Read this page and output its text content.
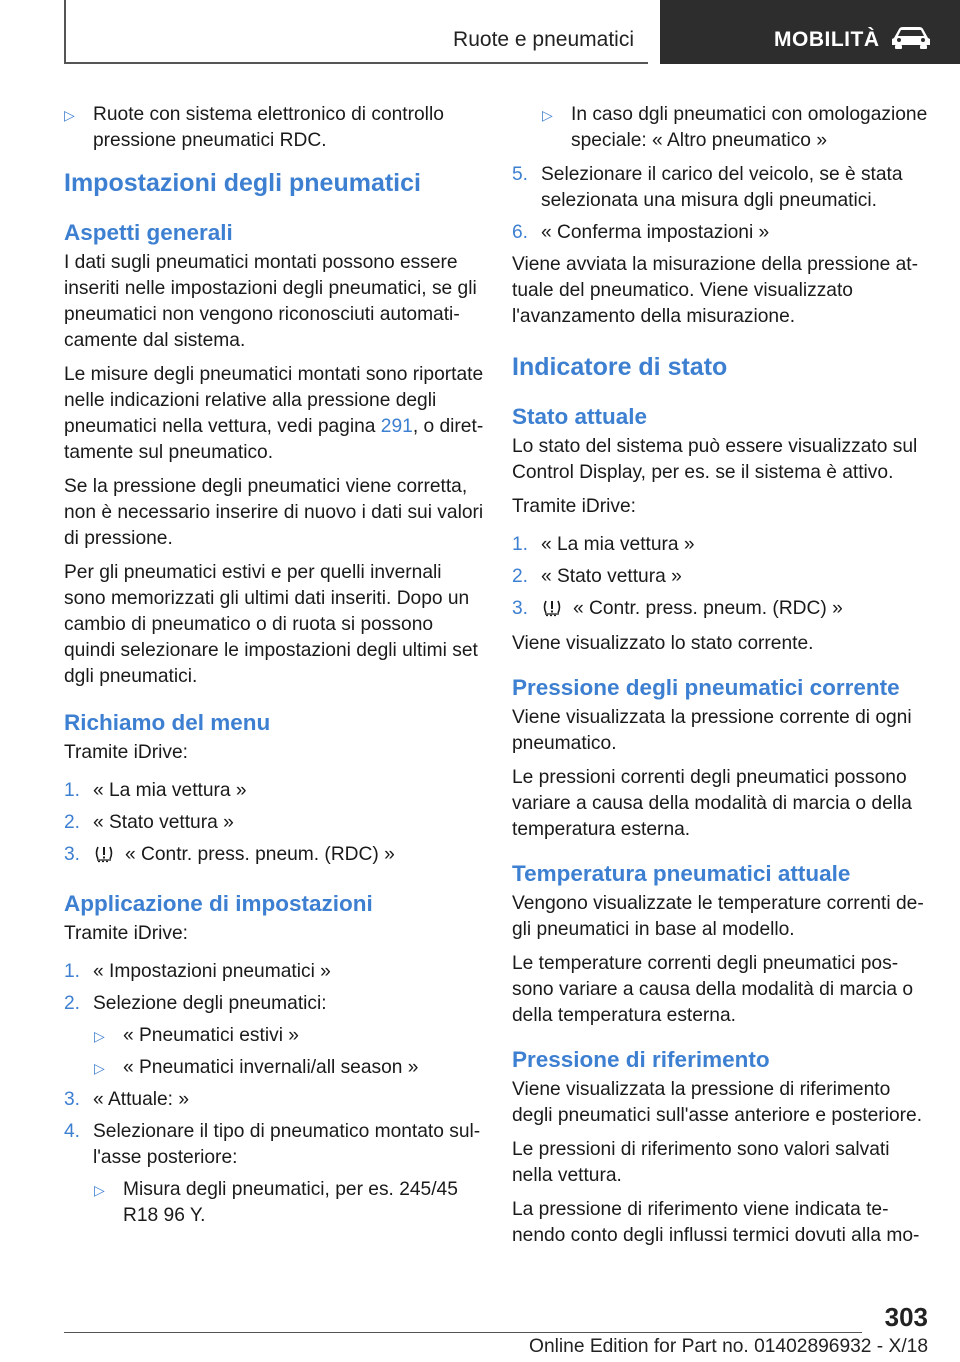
Ruote e pneumatici	MOBILITÀ
▷ Ruote con sistema elettronico di controllo pressione pneumatici RDC.
Impostazioni degli pneumatici
Aspetti generali

I dati sugli pneumatici montati possono essere inseriti nelle impostazioni degli pneumatici, se gli pneumatici non vengono riconosciuti automaticamente dal sistema.

Le misure degli pneumatici montati sono riportate nelle indicazioni relative alla pressione degli pneumatici nella vettura, vedi pagina 291, o direttamente sul pneumatico.

Se la pressione degli pneumatici viene corretta, non è necessario inserire di nuovo i dati sui valori di pressione.

Per gli pneumatici estivi e per quelli invernali sono memorizzati gli ultimi dati inseriti. Dopo un cambio di pneumatico o di ruota si possono quindi selezionare le impostazioni degli ultimi set dgli pneumatici.

Richiamo del menu

Tramite iDrive:

1. « La mia vettura »
2. « Stato vettura »
3.	« Contr. press. pneum. (RDC) »
Applicazione di impostazioni

Tramite iDrive:

1. « Impostazioni pneumatici »
2. Selezione degli pneumatici:
▷ « Pneumatici estivi »
▷ « Pneumatici invernali/all season »
3. « Attuale: »
4. Selezionare il tipo di pneumatico montato sull'asse posteriore:
▷ Misura degli pneumatici, per es. 245/45 R18 96 Y.
▷ In caso dgli pneumatici con omologazione speciale: « Altro pneumatico »
5. Selezionare il carico del veicolo, se è stata selezionata una misura dgli pneumatici.
6. « Conferma impostazioni »

Viene avviata la misurazione della pressione attuale del pneumatico. Viene visualizzato l'avanzamento della misurazione.

Indicatore di stato
Stato attuale

Lo stato del sistema può essere visualizzato sul Control Display, per es. se il sistema è attivo.

Tramite iDrive:

1. « La mia vettura »
2. « Stato vettura »
3.	« Contr. press. pneum. (RDC) »

Viene visualizzato lo stato corrente.

Pressione degli pneumatici corrente

Viene visualizzata la pressione corrente di ogni pneumatico.

Le pressioni correnti degli pneumatici possono variare a causa della modalità di marcia o della temperatura esterna.

Temperatura pneumatici attuale

Vengono visualizzate le temperature correnti degli pneumatici in base al modello.

Le temperature correnti degli pneumatici possono variare a causa della modalità di marcia o della temperatura esterna.

Pressione di riferimento

Viene visualizzata la pressione di riferimento degli pneumatici sull'asse anteriore e posteriore.

Le pressioni di riferimento sono valori salvati nella vettura.

La pressione di riferimento viene indicata tenendo conto degli influssi termici dovuti alla mo-

303
Online Edition for Part no. 01402896932 - X/18
